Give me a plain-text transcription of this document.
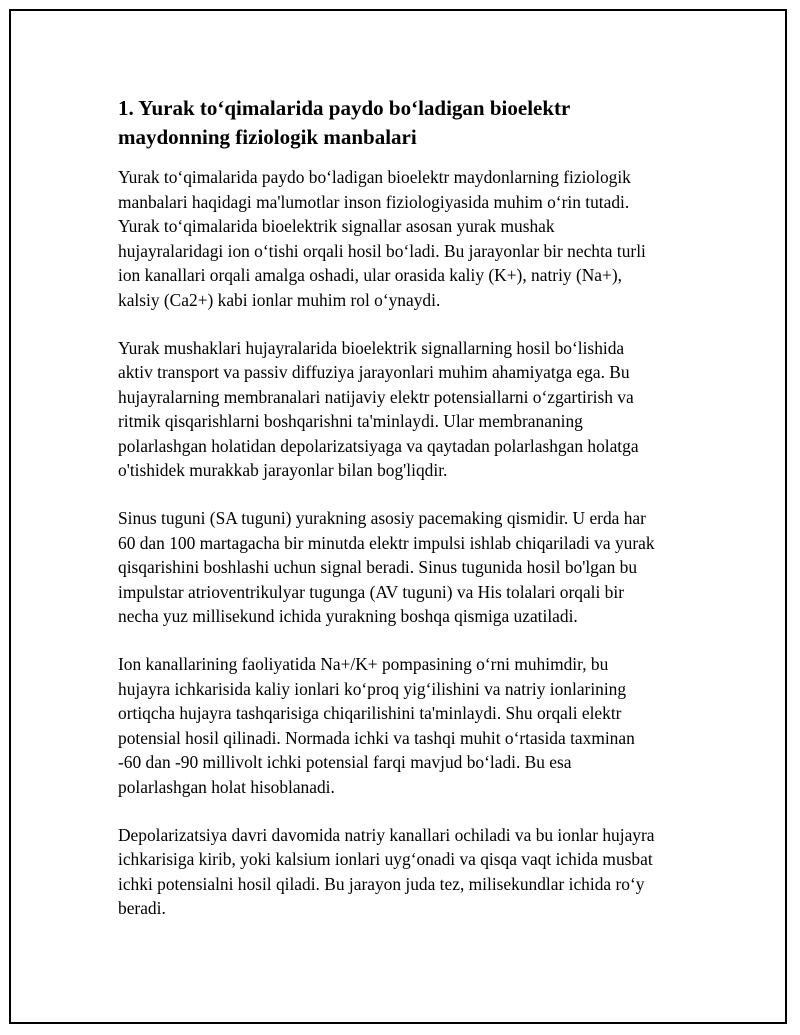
1. Yurak to‘qimalarida paydo bo‘ladigan bioelektr
maydonning fiziologik manbalari
Yurak to‘qimalarida paydo bo‘ladigan bioelektr maydonlarning fiziologik
manbalari haqidagi ma'lumotlar inson fiziologiyasida muhim o‘rin tutadi.
Yurak to‘qimalarida bioelektrik signallar asosan yurak mushak
hujayralaridagi ion o‘tishi orqali hosil bo‘ladi. Bu jarayonlar bir nechta turli
ion kanallari orqali amalga oshadi, ular orasida kaliy (K+), natriy (Na+),
kalsiy (Ca2+) kabi ionlar muhim rol o‘ynaydi.
Yurak mushaklari hujayralarida bioelektrik signallarning hosil bo‘lishida
aktiv transport va passiv diffuziya jarayonlari muhim ahamiyatga ega. Bu
hujayralarning membranalari natijaviy elektr potensiallarni o‘zgartirish va
ritmik qisqarishlarni boshqarishni ta'minlaydi. Ular membrananing
polarlashgan holatidan depolarizatsiyaga va qaytadan polarlashgan holatga
o'tishidek murakkab jarayonlar bilan bog'liqdir.
Sinus tuguni (SA tuguni) yurakning asosiy pacemaking qismidir. U erda har
60 dan 100 martagacha bir minutda elektr impulsi ishlab chiqariladi va yurak
qisqarishini boshlashi uchun signal beradi. Sinus tugunida hosil bo'lgan bu
impulstar atrioventrikulyar tugunga (AV tuguni) va His tolalari orqali bir
necha yuz millisekund ichida yurakning boshqa qismiga uzatiladi.
Ion kanallarining faoliyatida Na+/K+ pompasining o‘rni muhimdir, bu
hujayra ichkarisida kaliy ionlari ko‘proq yig‘ilishini va natriy ionlarining
ortiqcha hujayra tashqarisiga chiqarilishini ta'minlaydi. Shu orqali elektr
potensial hosil qilinadi. Normada ichki va tashqi muhit o‘rtasida taxminan
-60 dan -90 millivolt ichki potensial farqi mavjud bo‘ladi. Bu esa
polarlashgan holat hisoblanadi.
Depolarizatsiya davri davomida natriy kanallari ochiladi va bu ionlar hujayra
ichkarisiga kirib, yoki kalsium ionlari uyg‘onadi va qisqa vaqt ichida musbat
ichki potensialni hosil qiladi. Bu jarayon juda tez, milisekundlar ichida ro‘y
beradi.
